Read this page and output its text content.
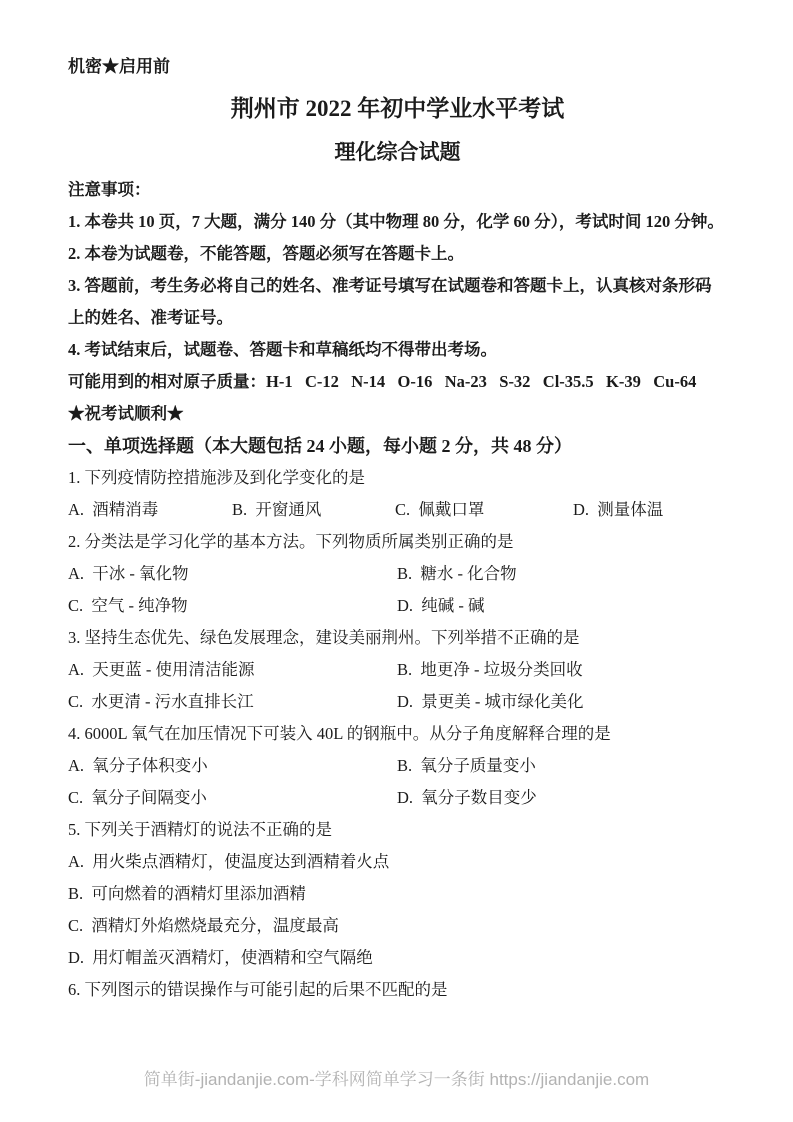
机密★启用前
荆州市 2022 年初中学业水平考试
理化综合试题

注意事项：

1. 本卷共 10 页，7 大题，满分 140 分（其中物理 80 分，化学 60 分），考试时间 120 分钟。

2. 本卷为试题卷，不能答题，答题必须写在答题卡上。

3. 答题前，考生务必将自己的姓名、准考证号填写在试题卷和答题卡上，认真核对条形码上的姓名、准考证号。

4. 考试结束后，试题卷、答题卡和草稿纸均不得带出考场。

可能用到的相对原子质量：H-1   C-12   N-14   O-16   Na-23   S-32   Cl-35.5   K-39   Cu-64

★祝考试顺利★

一、单项选择题（本大题包括 24 小题，每小题 2 分，共 48 分）

1. 下列疫情防控措施涉及到化学变化的是

A.  酒精消毒	B.  开窗通风	C.  佩戴口罩	D.  测量体温

2. 分类法是学习化学的基本方法。下列物质所属类别正确的是

A.  干冰 - 氧化物	B.  糖水 - 化合物
C.  空气 - 纯净物	D.  纯碱 - 碱

3. 坚持生态优先、绿色发展理念，建设美丽荆州。下列举措不正确的是

A.  天更蓝 - 使用清洁能源	B.  地更净 - 垃圾分类回收
C.  水更清 - 污水直排长江	D.  景更美 - 城市绿化美化

4. 6000L 氧气在加压情况下可装入 40L 的钢瓶中。从分子角度解释合理的是

A.  氧分子体积变小	B.  氧分子质量变小
C.  氧分子间隔变小	D.  氧分子数目变少

5. 下列关于酒精灯的说法不正确的是

A.  用火柴点酒精灯，使温度达到酒精着火点
B.  可向燃着的酒精灯里添加酒精
C.  酒精灯外焰燃烧最充分，温度最高
D.  用灯帽盖灭酒精灯，使酒精和空气隔绝

6. 下列图示的错误操作与可能引起的后果不匹配的是

简单街-jiandanjie.com-学科网简单学习一条街 https://jiandanjie.com
